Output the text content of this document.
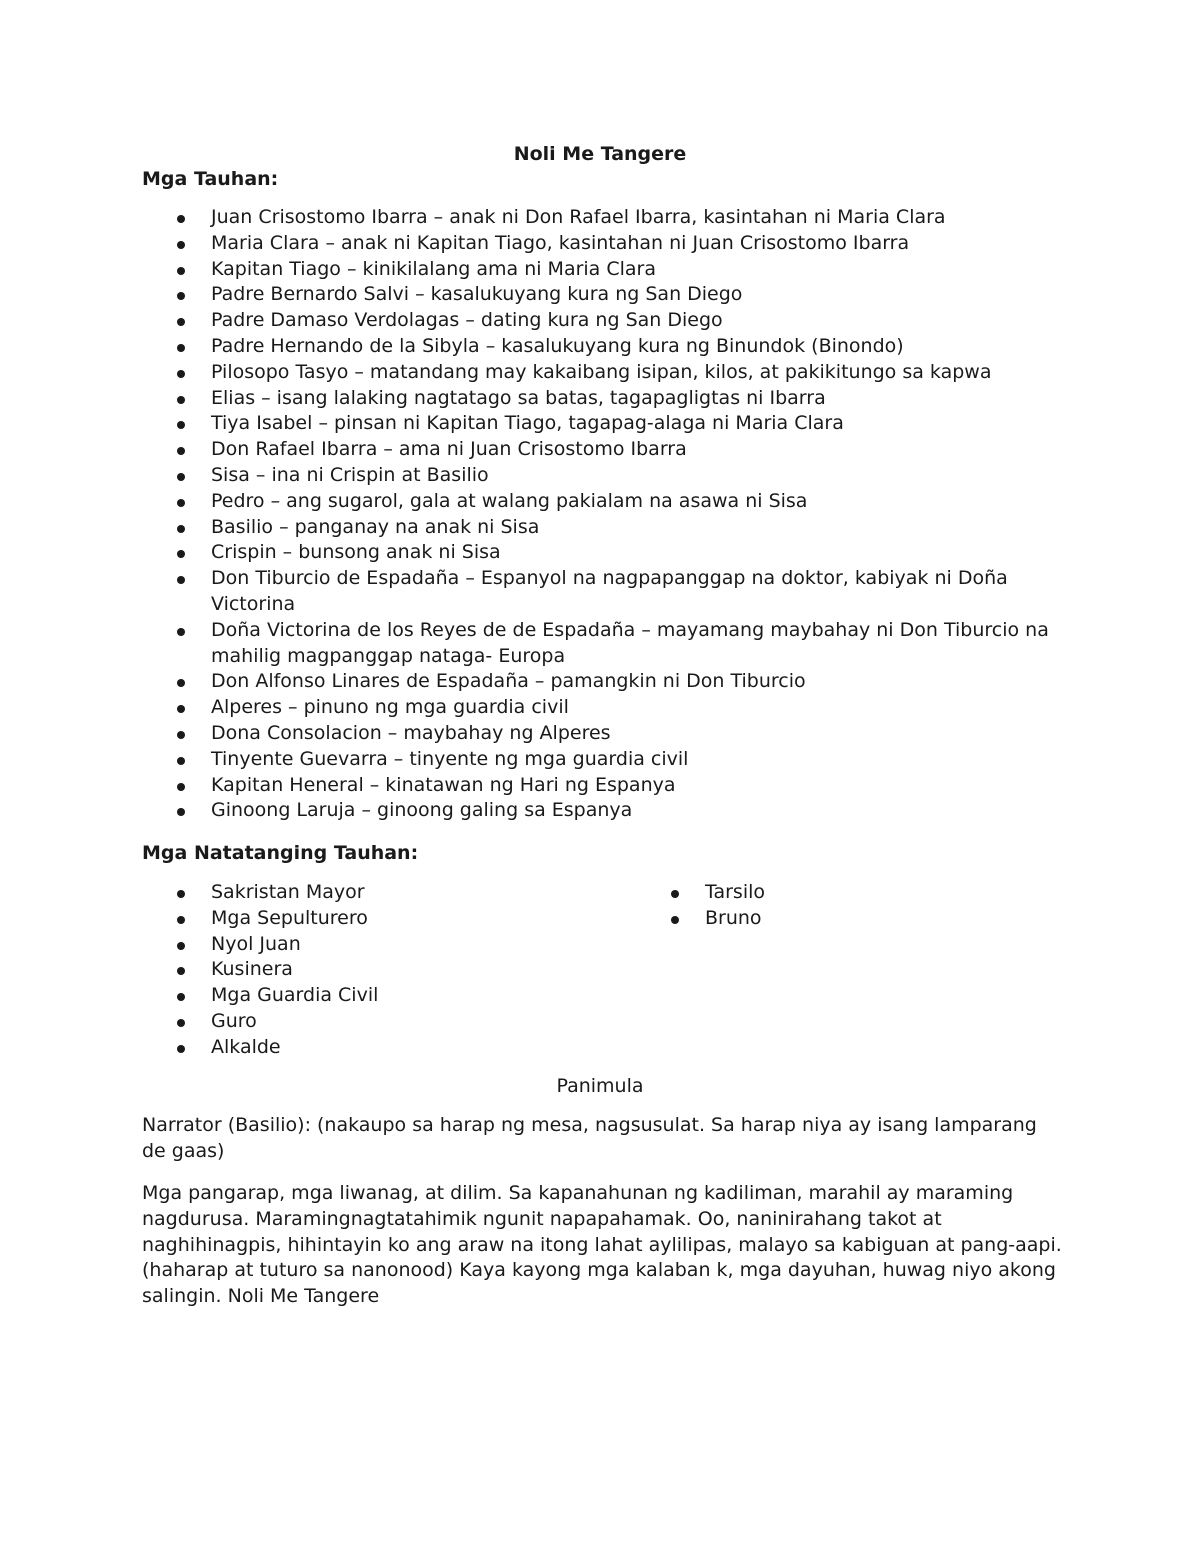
Noli Me Tangere
Mga Tauhan:
Juan Crisostomo Ibarra – anak ni Don Rafael Ibarra, kasintahan ni Maria Clara
Maria Clara – anak ni Kapitan Tiago, kasintahan ni Juan Crisostomo Ibarra
Kapitan Tiago – kinikilalang ama ni Maria Clara
Padre Bernardo Salvi – kasalukuyang kura ng San Diego
Padre Damaso Verdolagas – dating kura ng San Diego
Padre Hernando de la Sibyla – kasalukuyang kura ng Binundok (Binondo)
Pilosopo Tasyo – matandang may kakaibang isipan, kilos, at pakikitungo sa kapwa
Elias – isang lalaking nagtatago sa batas, tagapagligtas ni Ibarra
Tiya Isabel – pinsan ni Kapitan Tiago, tagapag-alaga ni Maria Clara
Don Rafael Ibarra – ama ni Juan Crisostomo Ibarra
Sisa – ina ni Crispin at Basilio
Pedro – ang sugarol, gala at walang pakialam na asawa ni Sisa
Basilio – panganay na anak ni Sisa
Crispin – bunsong anak ni Sisa
Don Tiburcio de Espadaña – Espanyol na nagpapanggap na doktor, kabiyak ni Doña Victorina
Doña Victorina de los Reyes de de Espadaña – mayamang maybahay ni Don Tiburcio na mahilig magpanggap natagа- Europa
Don Alfonso Linares de Espadaña – pamangkin ni Don Tiburcio
Alperes – pinuno ng mga guardia civil
Dona Consolacion – maybahay ng Alperes
Tinyente Guevarra – tinyente ng mga guardia civil
Kapitan Heneral – kinatawan ng Hari ng Espanya
Ginoong Laruja – ginoong galing sa Espanya
Mga Natatanging Tauhan:
Sakristan Mayor
Mga Sepulturero
Nyol Juan
Kusinera
Mga Guardia Civil
Guro
Alkalde
Tarsilo
Bruno

Panimula

Narrator (Basilio): (nakaupo sa harap ng mesa, nagsusulat. Sa harap niya ay isang lamparang de gaas)

Mga pangarap, mga liwanag, at dilim. Sa kapanahunan ng kadiliman, marahil ay maraming nagdurusa. Maramingnagtatahimik ngunit napapahamak. Oo, naninirahang takot at naghihinagpis, hihintayin ko ang araw na itong lahat aylilipas, malayo sa kabiguan at pang-aapi. (haharap at tuturo sa nanonood) Kaya kayong mga kalaban k, mga dayuhan, huwag niyo akong salingin. Noli Me Tangere
